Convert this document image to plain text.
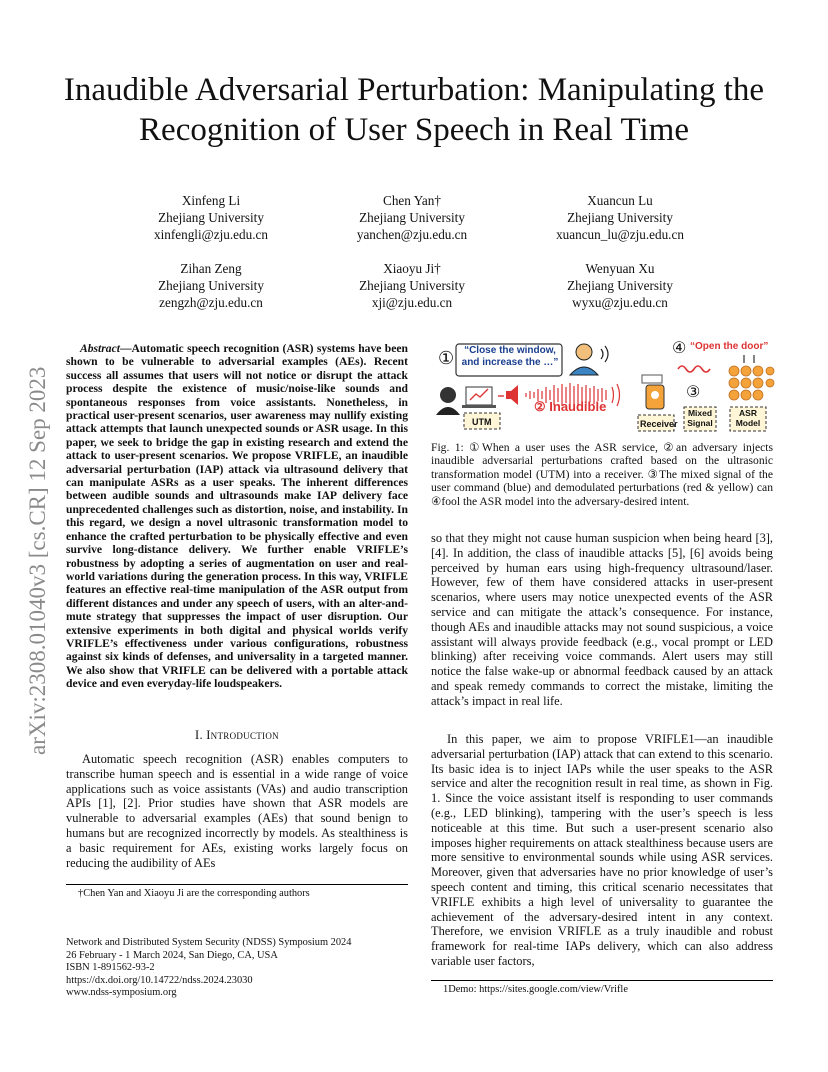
arXiv:2308.01040v3 [cs.CR] 12 Sep 2023
Inaudible Adversarial Perturbation: Manipulating the
Recognition of User Speech in Real Time
Xinfeng Li
Zhejiang University
xinfengli@zju.edu.cn
Chen Yan†
Zhejiang University
yanchen@zju.edu.cn
Xuancun Lu
Zhejiang University
xuancun_lu@zju.edu.cn
Zihan Zeng
Zhejiang University
zengzh@zju.edu.cn
Xiaoyu Ji†
Zhejiang University
xji@zju.edu.cn
Wenyuan Xu
Zhejiang University
wyxu@zju.edu.cn
Abstract—Automatic speech recognition (ASR) systems have been shown to be vulnerable to adversarial examples (AEs). Recent success all assumes that users will not notice or disrupt the attack process despite the existence of music/noise-like sounds and spontaneous responses from voice assistants. Nonetheless, in practical user-present scenarios, user awareness may nullify existing attack attempts that launch unexpected sounds or ASR usage. In this paper, we seek to bridge the gap in existing research and extend the attack to user-present scenarios. We propose VRIFLE, an inaudible adversarial perturbation (IAP) attack via ultrasound delivery that can manipulate ASRs as a user speaks. The inherent differences between audible sounds and ultrasounds make IAP delivery face unprecedented challenges such as distortion, noise, and instability. In this regard, we design a novel ultrasonic transformation model to enhance the crafted perturbation to be physically effective and even survive long-distance delivery. We further enable VRIFLE’s robustness by adopting a series of augmentation on user and real-world variations during the generation process. In this way, VRIFLE features an effective real-time manipulation of the ASR output from different distances and under any speech of users, with an alter-and-mute strategy that suppresses the impact of user disruption. Our extensive experiments in both digital and physical worlds verify VRIFLE’s effectiveness under various configurations, robustness against six kinds of defenses, and universality in a targeted manner. We also show that VRIFLE can be delivered with a portable attack device and even everyday-life loudspeakers.
I. Introduction
Automatic speech recognition (ASR) enables computers to transcribe human speech and is essential in a wide range of voice applications such as voice assistants (VAs) and audio transcription APIs [1], [2]. Prior studies have shown that ASR models are vulnerable to adversarial examples (AEs) that sound benign to humans but are recognized incorrectly by models. As stealthiness is a basic requirement for AEs, existing works largely focus on reducing the audibility of AEs
†Chen Yan and Xiaoyu Ji are the corresponding authors
Network and Distributed System Security (NDSS) Symposium 2024
26 February - 1 March 2024, San Diego, CA, USA
ISBN 1-891562-93-2
https://dx.doi.org/10.14722/ndss.2024.23030
www.ndss-symposium.org
① “Close the window, and increase the …”
UTM
② Inaudible
Receiver
③
Mixed Signal
④ “Open the door”
ASR Model
Fig. 1: ①When a user uses the ASR service, ②an adversary injects inaudible adversarial perturbations crafted based on the ultrasonic transformation model (UTM) into a receiver. ③The mixed signal of the user command (blue) and demodulated perturbations (red & yellow) can ④fool the ASR model into the adversary-desired intent.
so that they might not cause human suspicion when being heard [3], [4]. In addition, the class of inaudible attacks [5], [6] avoids being perceived by human ears using high-frequency ultrasound/laser. However, few of them have considered attacks in user-present scenarios, where users may notice unexpected events of the ASR service and can mitigate the attack’s consequence. For instance, though AEs and inaudible attacks may not sound suspicious, a voice assistant will always provide feedback (e.g., vocal prompt or LED blinking) after receiving voice commands. Alert users may still notice the false wake-up or abnormal feedback caused by an attack and speak remedy commands to correct the mistake, limiting the attack’s impact in real life.
In this paper, we aim to propose VRIFLE1—an inaudible adversarial perturbation (IAP) attack that can extend to this scenario. Its basic idea is to inject IAPs while the user speaks to the ASR service and alter the recognition result in real time, as shown in Fig. 1. Since the voice assistant itself is responding to user commands (e.g., LED blinking), tampering with the user’s speech is less noticeable at this time. But such a user-present scenario also imposes higher requirements on attack stealthiness because users are more sensitive to environmental sounds while using ASR services. Moreover, given that adversaries have no prior knowledge of user’s speech content and timing, this critical scenario necessitates that VRIFLE exhibits a high level of universality to guarantee the achievement of the adversary-desired intent in any context. Therefore, we envision VRIFLE as a truly inaudible and robust framework for real-time IAPs delivery, which can also address variable user factors,
1Demo: https://sites.google.com/view/Vrifle
